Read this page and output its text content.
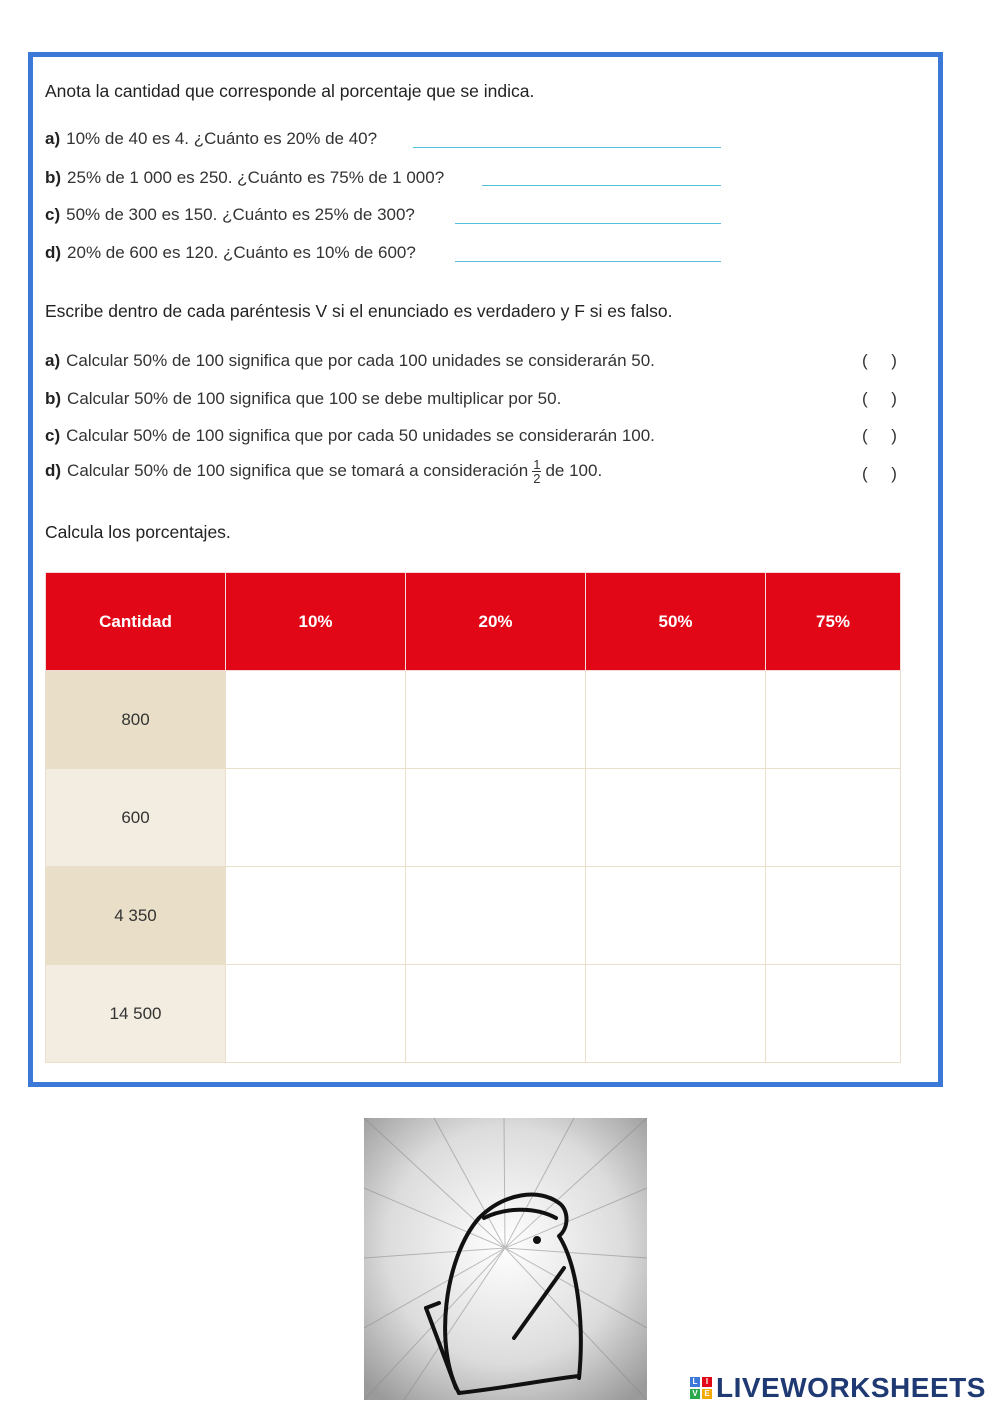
Anota la cantidad que corresponde al porcentaje que se indica.
a) 10% de 40 es 4. ¿Cuánto es 20% de 40?
b) 25% de 1 000 es 250. ¿Cuánto es 75% de 1 000?
c) 50% de 300 es 150. ¿Cuánto es 25% de 300?
d) 20% de 600 es 120. ¿Cuánto es 10% de 600?
Escribe dentro de cada paréntesis V si el enunciado es verdadero y F si es falso.
a) Calcular 50% de 100 significa que por cada 100 unidades se considerarán 50.	(     )
b) Calcular 50% de 100 significa que 100 se debe multiplicar por 50.	(     )
c) Calcular 50% de 100 significa que por cada 50 unidades se considerarán 100.	(     )
d) Calcular 50% de 100 significa que se tomará a consideración $\frac{1}{2}$ de 100.	(     )
Calcula los porcentajes.
Cantidad	10%	20%	50%	75%
800				
600				
4 350				
14 500				
L	I
V E LIVEWORKSHEETS
